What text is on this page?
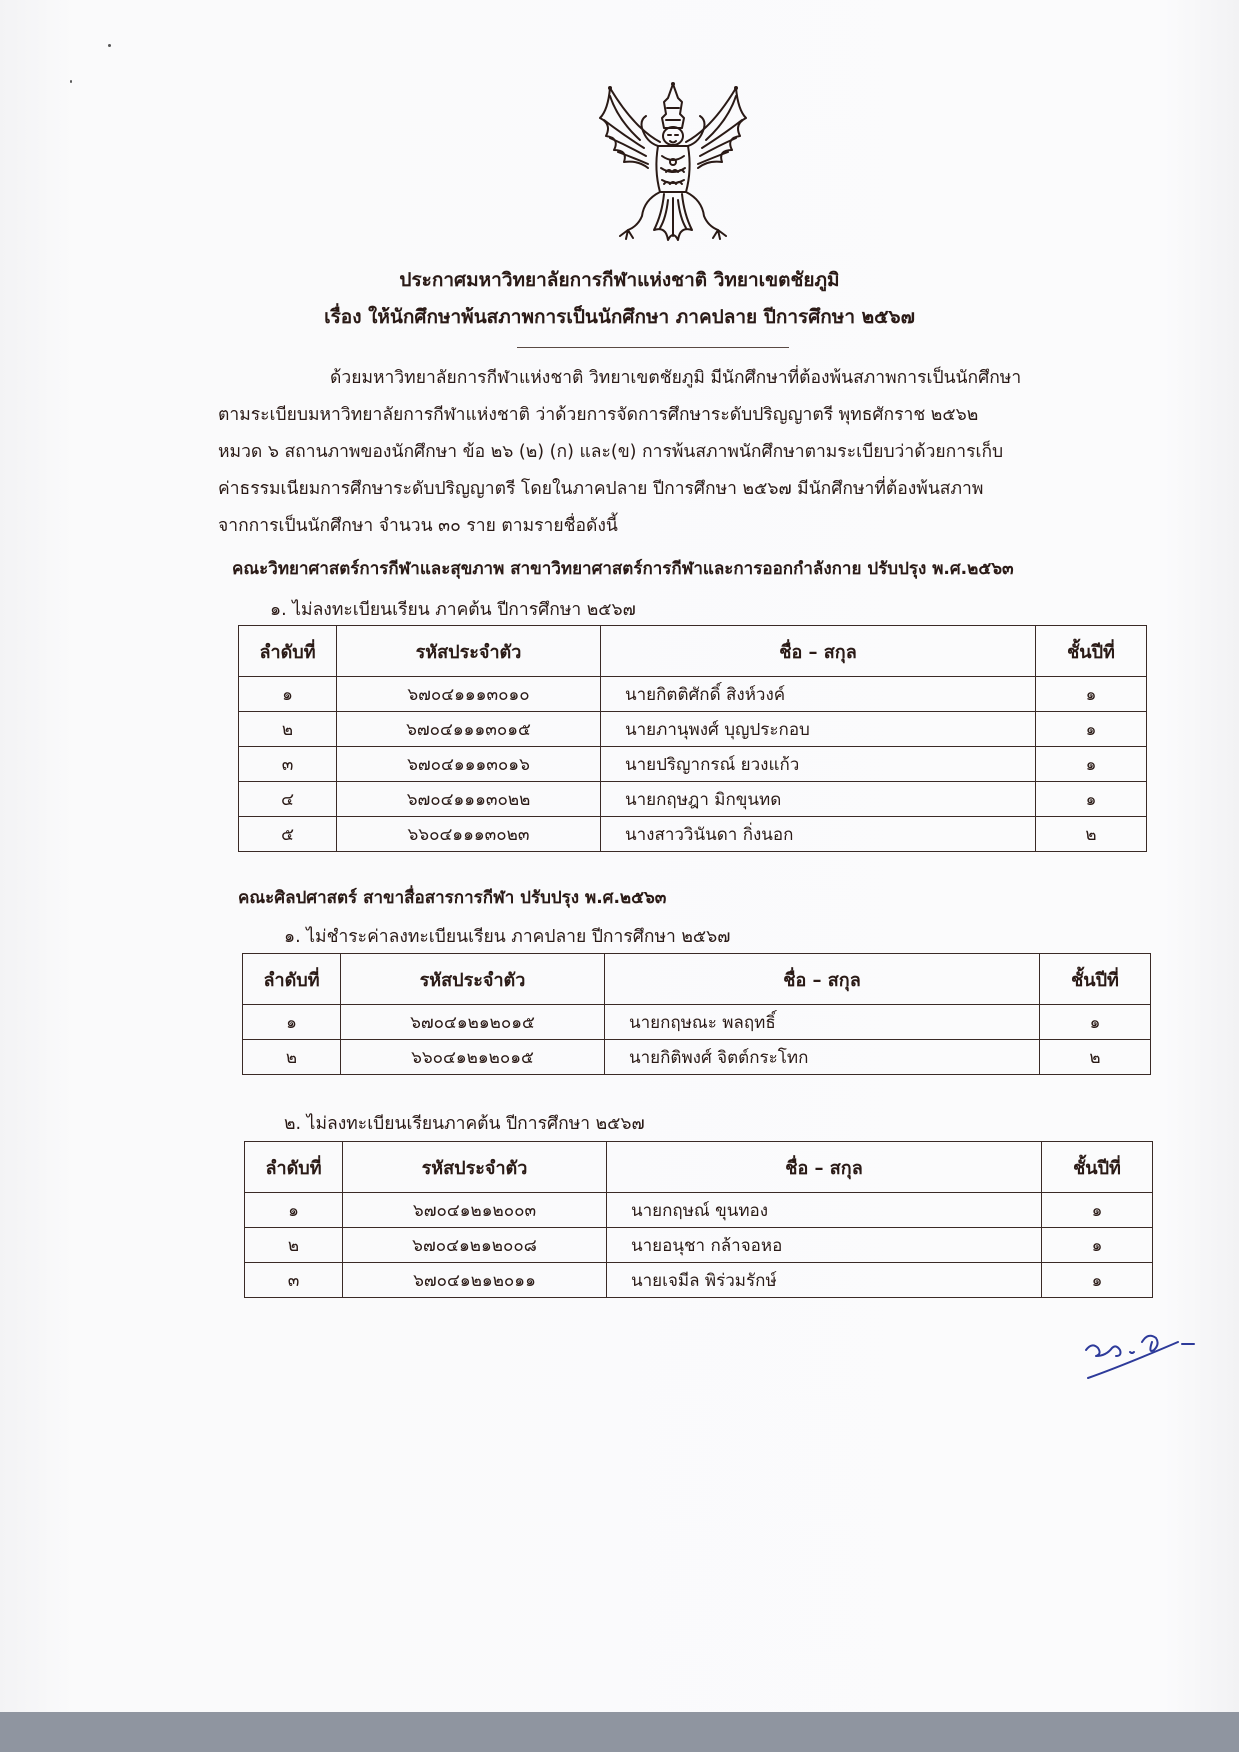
ประกาศมหาวิทยาลัยการกีฬาแห่งชาติ วิทยาเขตชัยภูมิ
เรื่อง ให้นักศึกษาพ้นสภาพการเป็นนักศึกษา ภาคปลาย ปีการศึกษา ๒๕๖๗
ด้วยมหาวิทยาลัยการกีฬาแห่งชาติ วิทยาเขตชัยภูมิ มีนักศึกษาที่ต้องพ้นสภาพการเป็นนักศึกษา
ตามระเบียบมหาวิทยาลัยการกีฬาแห่งชาติ ว่าด้วยการจัดการศึกษาระดับปริญญาตรี พุทธศักราช ๒๕๖๒
หมวด ๖ สถานภาพของนักศึกษา ข้อ ๒๖ (๒) (ก) และ(ข) การพ้นสภาพนักศึกษาตามระเบียบว่าด้วยการเก็บ
ค่าธรรมเนียมการศึกษาระดับปริญญาตรี โดยในภาคปลาย ปีการศึกษา ๒๕๖๗ มีนักศึกษาที่ต้องพ้นสภาพ
จากการเป็นนักศึกษา จำนวน ๓๐ ราย ตามรายชื่อดังนี้
คณะวิทยาศาสตร์การกีฬาและสุขภาพ สาขาวิทยาศาสตร์การกีฬาและการออกกำลังกาย ปรับปรุง พ.ศ.๒๕๖๓
๑. ไม่ลงทะเบียนเรียน ภาคต้น ปีการศึกษา ๒๕๖๗
ลำดับที่	รหัสประจำตัว	ชื่อ – สกุล	ชั้นปีที่
๑	๖๗๐๔๑๑๑๓๐๑๐	นายกิตติศักดิ์ สิงห์วงค์	๑
๒	๖๗๐๔๑๑๑๓๐๑๕	นายภานุพงศ์ บุญประกอบ	๑
๓	๖๗๐๔๑๑๑๓๐๑๖	นายปริญากรณ์ ยวงแก้ว	๑
๔	๖๗๐๔๑๑๑๓๐๒๒	นายกฤษฎา มิกขุนทด	๑
๕	๖๖๐๔๑๑๑๓๐๒๓	นางสาววินันดา กิ่งนอก	๒
คณะศิลปศาสตร์ สาขาสื่อสารการกีฬา ปรับปรุง พ.ศ.๒๕๖๓
๑. ไม่ชำระค่าลงทะเบียนเรียน ภาคปลาย ปีการศึกษา ๒๕๖๗
ลำดับที่	รหัสประจำตัว	ชื่อ – สกุล	ชั้นปีที่
๑	๖๗๐๔๑๒๑๒๐๑๕	นายกฤษณะ พลฤทธิ์	๑
๒	๖๖๐๔๑๒๑๒๐๑๕	นายกิติพงศ์ จิตต์กระโทก	๒
๒. ไม่ลงทะเบียนเรียนภาคต้น ปีการศึกษา ๒๕๖๗
ลำดับที่	รหัสประจำตัว	ชื่อ – สกุล	ชั้นปีที่
๑	๖๗๐๔๑๒๑๒๐๐๓	นายกฤษณ์ ขุนทอง	๑
๒	๖๗๐๔๑๒๑๒๐๐๘	นายอนุชา กล้าจอหอ	๑
๓	๖๗๐๔๑๒๑๒๐๑๑	นายเจมีล พิร่วมรักษ์	๑
